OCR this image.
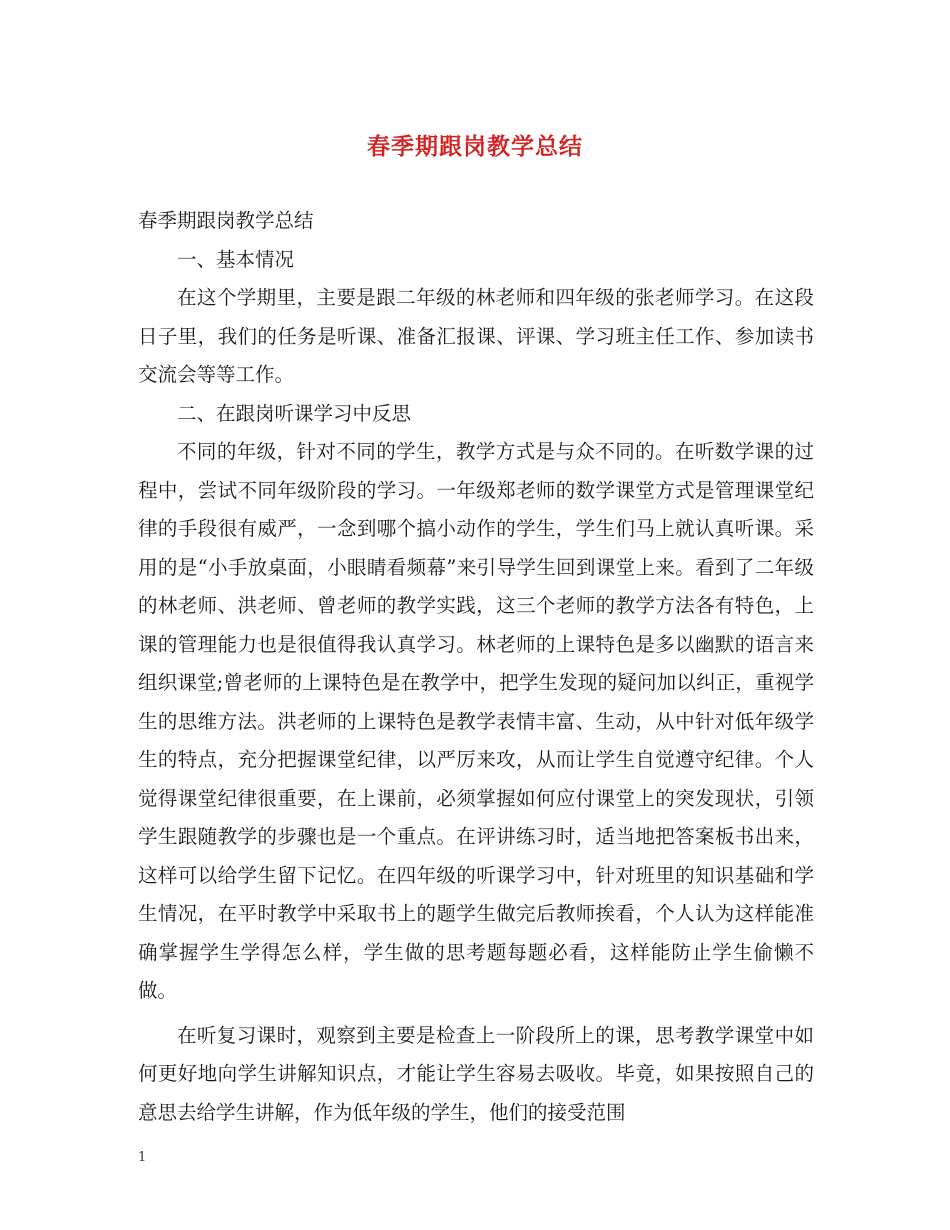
春季期跟岗教学总结

春季期跟岗教学总结

一、基本情况

在这个学期里，主要是跟二年级的林老师和四年级的张老师学习。在这段日子里，我们的任务是听课、准备汇报课、评课、学习班主任工作、参加读书交流会等等工作。

二、在跟岗听课学习中反思

不同的年级，针对不同的学生，教学方式是与众不同的。在听数学课的过程中，尝试不同年级阶段的学习。一年级郑老师的数学课堂方式是管理课堂纪律的手段很有威严，一念到哪个搞小动作的学生，学生们马上就认真听课。采用的是“小手放桌面，小眼睛看频幕”来引导学生回到课堂上来。看到了二年级的林老师、洪老师、曾老师的教学实践，这三个老师的教学方法各有特色，上课的管理能力也是很值得我认真学习。林老师的上课特色是多以幽默的语言来组织课堂;曾老师的上课特色是在教学中，把学生发现的疑问加以纠正，重视学生的思维方法。洪老师的上课特色是教学表情丰富、生动，从中针对低年级学生的特点，充分把握课堂纪律，以严厉来攻，从而让学生自觉遵守纪律。个人觉得课堂纪律很重要，在上课前，必须掌握如何应付课堂上的突发现状，引领学生跟随教学的步骤也是一个重点。在评讲练习时，适当地把答案板书出来，这样可以给学生留下记忆。在四年级的听课学习中，针对班里的知识基础和学生情况，在平时教学中采取书上的题学生做完后教师挨看，个人认为这样能准确掌握学生学得怎么样，学生做的思考题每题必看，这样能防止学生偷懒不做。

在听复习课时，观察到主要是检查上一阶段所上的课，思考教学课堂中如何更好地向学生讲解知识点，才能让学生容易去吸收。毕竟，如果按照自己的意思去给学生讲解，作为低年级的学生，他们的接受范围

1
